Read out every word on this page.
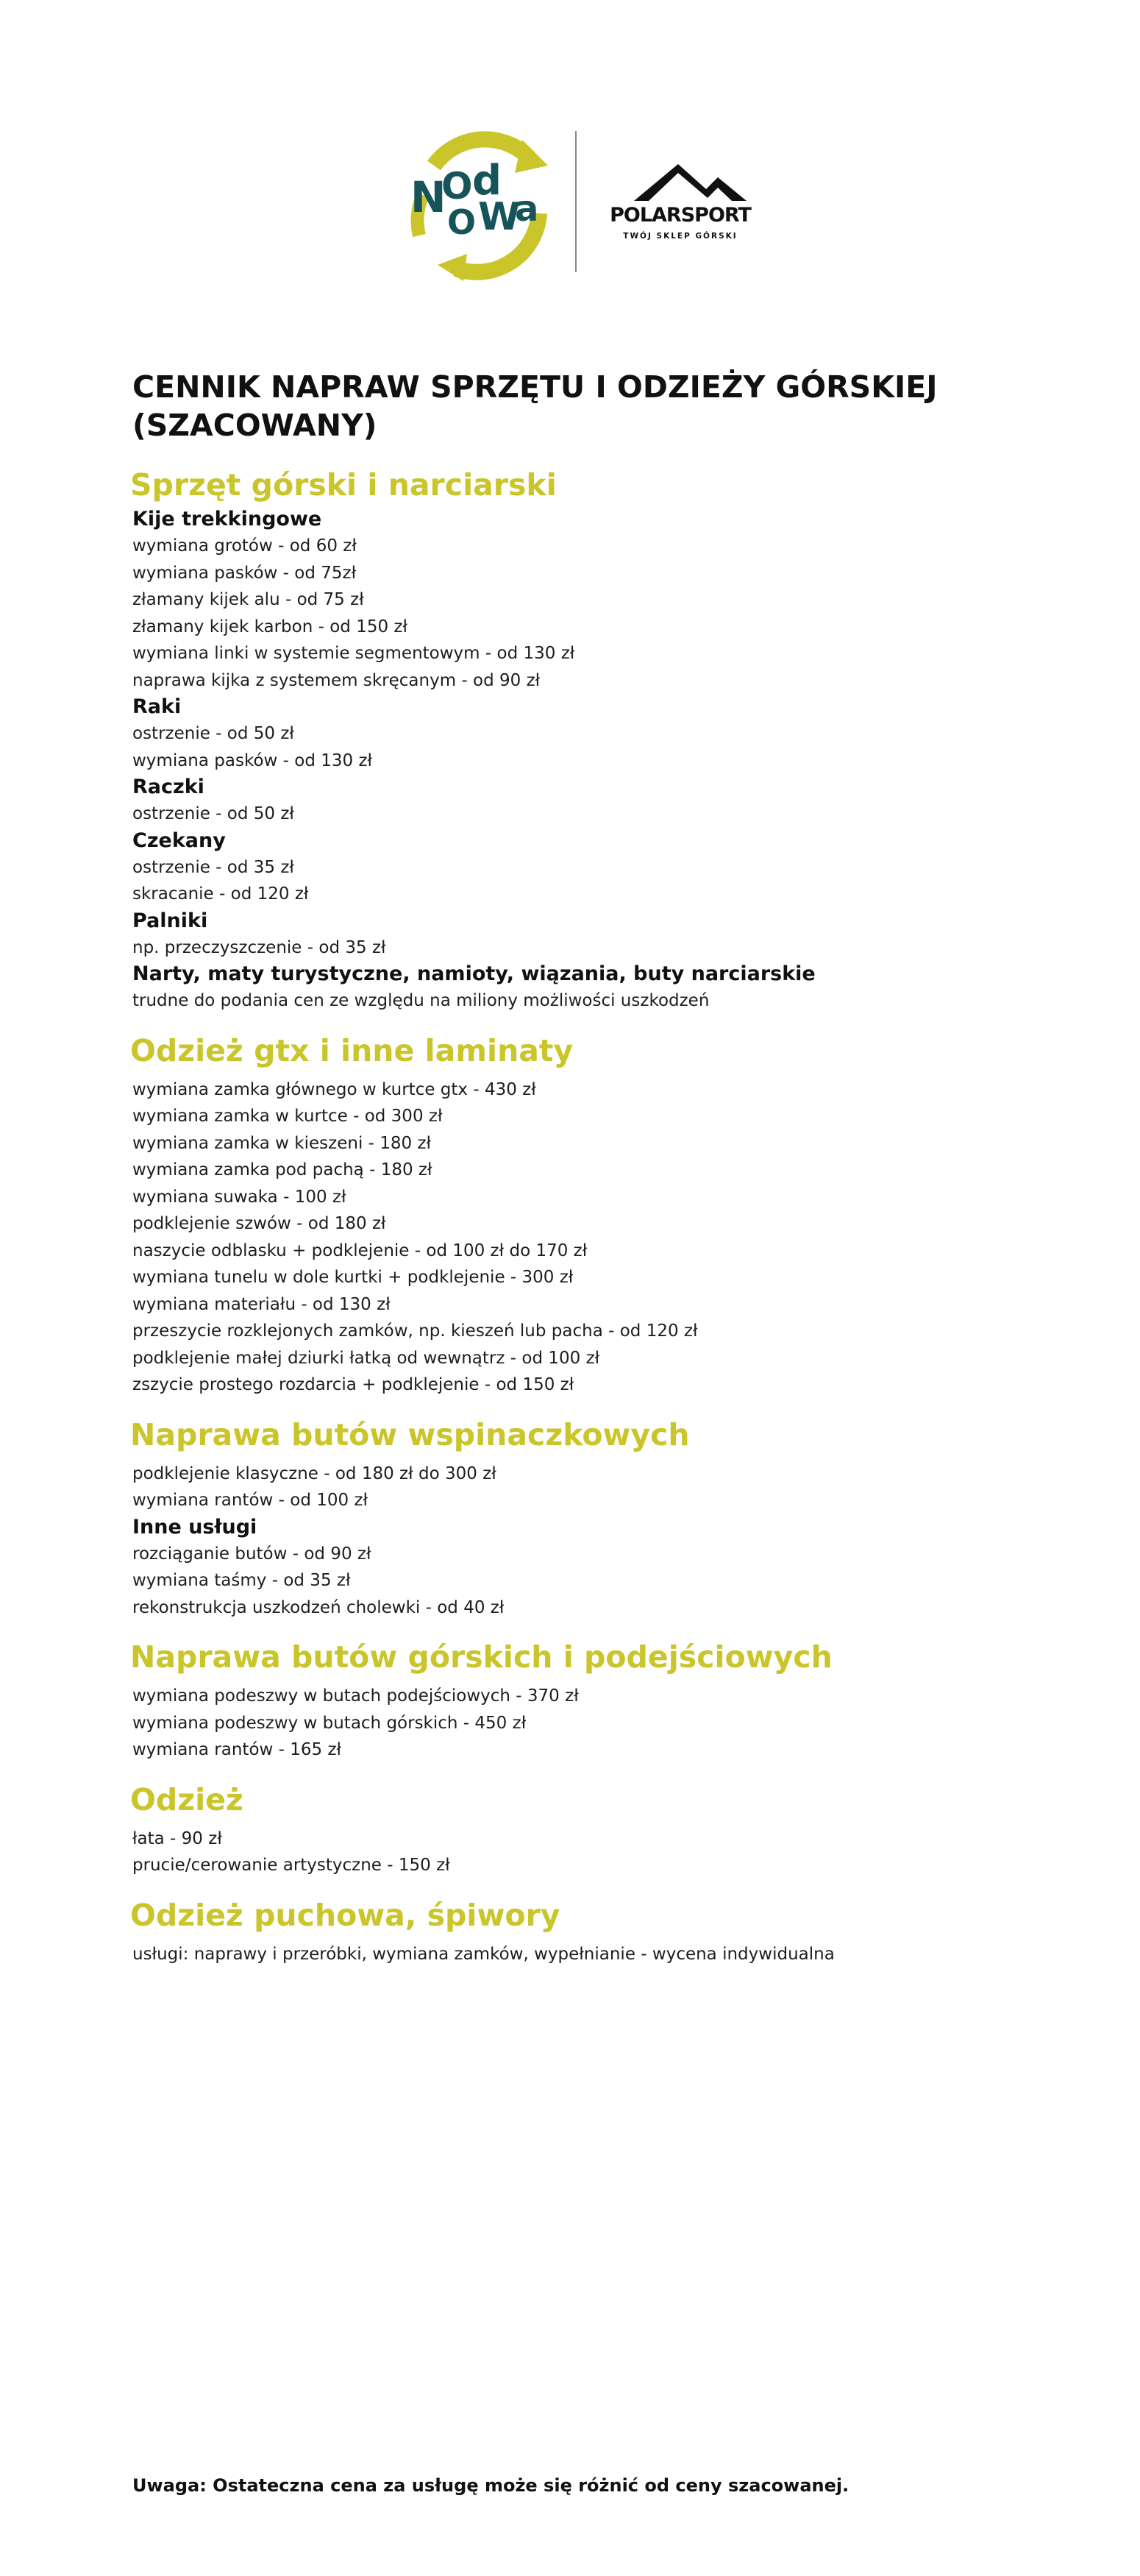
N
O d
O W
a	POLARSPORT
TWÓJ SKLEP GÓRSKI
CENNIK NAPRAW SPRZĘTU I ODZIEŻY GÓRSKIEJ
(SZACOWANY)
Sprzęt górski i narciarski
Kije trekkingowe
wymiana grotów - od 60 zł
wymiana pasków - od 75zł
złamany kijek alu - od 75 zł
złamany kijek karbon - od 150 zł
wymiana linki w systemie segmentowym - od 130 zł
naprawa kijka z systemem skręcanym - od 90 zł
Raki
ostrzenie - od 50 zł
wymiana pasków - od 130 zł
Raczki
ostrzenie - od 50 zł
Czekany
ostrzenie - od 35 zł
skracanie - od 120 zł
Palniki
np. przeczyszczenie - od 35 zł
Narty, maty turystyczne, namioty, wiązania, buty narciarskie
trudne do podania cen ze względu na miliony możliwości uszkodzeń
Odzież gtx i inne laminaty
wymiana zamka głównego w kurtce gtx - 430 zł
wymiana zamka w kurtce - od 300 zł
wymiana zamka w kieszeni - 180 zł
wymiana zamka pod pachą - 180 zł
wymiana suwaka - 100 zł
podklejenie szwów - od 180 zł
naszycie odblasku + podklejenie - od 100 zł do 170 zł
wymiana tunelu w dole kurtki + podklejenie - 300 zł
wymiana materiału - od 130 zł
przeszycie rozklejonych zamków, np. kieszeń lub pacha - od 120 zł
podklejenie małej dziurki łatką od wewnątrz - od 100 zł
zszycie prostego rozdarcia + podklejenie - od 150 zł
Naprawa butów wspinaczkowych
podklejenie klasyczne - od 180 zł do 300 zł
wymiana rantów - od 100 zł
Inne usługi
rozciąganie butów - od 90 zł
wymiana taśmy - od 35 zł
rekonstrukcja uszkodzeń cholewki - od 40 zł
Naprawa butów górskich i podejściowych
wymiana podeszwy w butach podejściowych - 370 zł
wymiana podeszwy w butach górskich - 450 zł
wymiana rantów - 165 zł
Odzież
łata - 90 zł
prucie/cerowanie artystyczne - 150 zł
Odzież puchowa, śpiwory
usługi: naprawy i przeróbki, wymiana zamków, wypełnianie - wycena indywidualna
Uwaga: Ostateczna cena za usługę może się różnić od ceny szacowanej.
